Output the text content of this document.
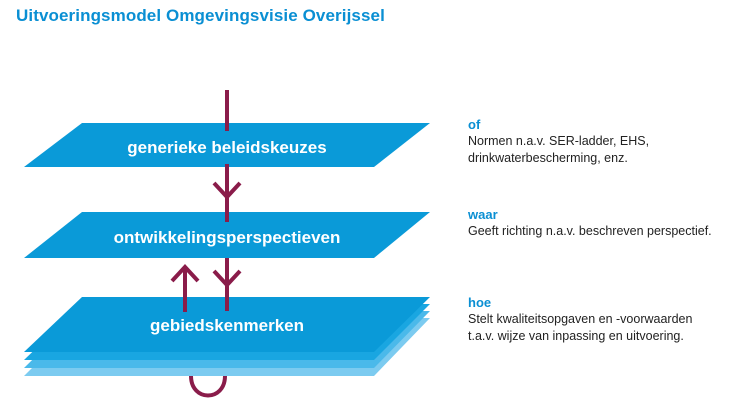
Uitvoeringsmodel Omgevingsvisie Overijssel
generieke beleidskeuzes
ontwikkelingsperspectieven
gebiedskenmerken
of
Normen n.a.v. SER-ladder, EHS,
drinkwaterbescherming, enz.
waar
Geeft richting n.a.v. beschreven perspectief.
hoe
Stelt kwaliteitsopgaven en -voorwaarden
t.a.v. wijze van inpassing en uitvoering.
